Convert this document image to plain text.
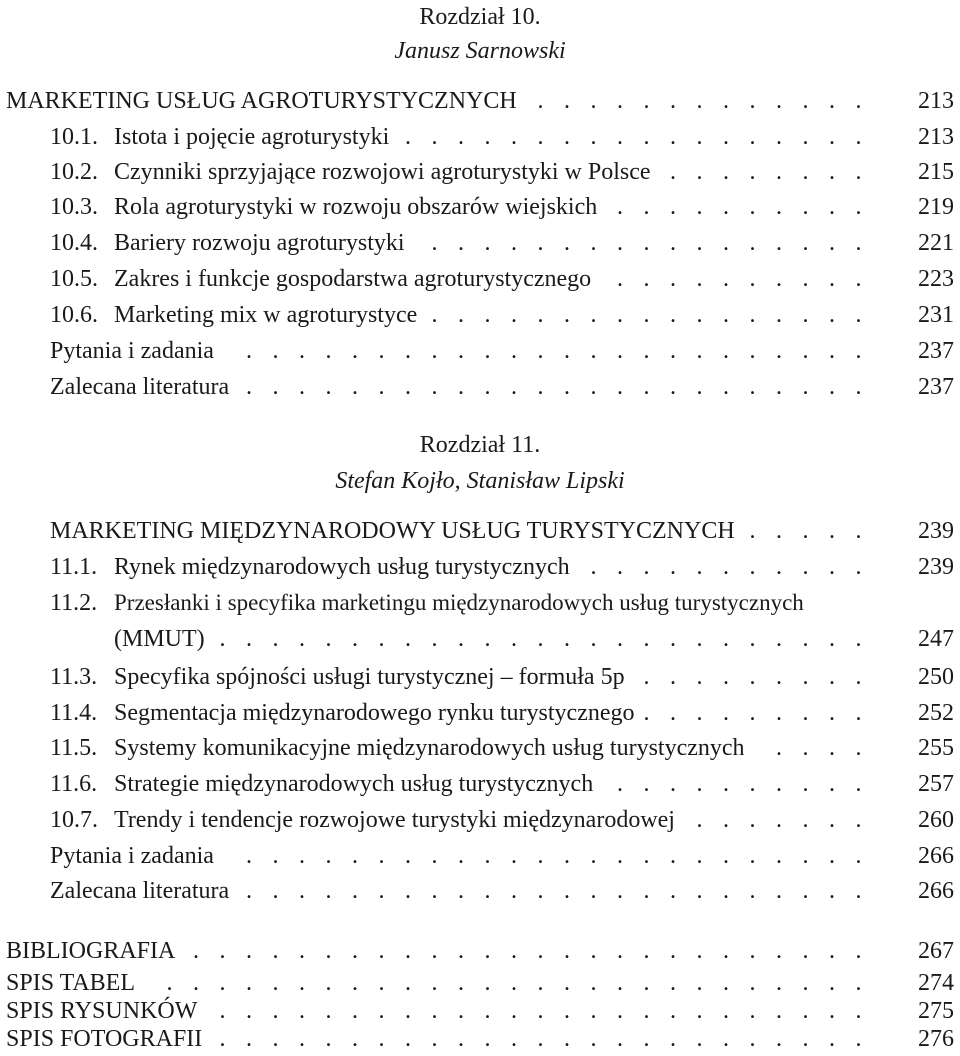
Rozdział 10.
Janusz Sarnowski
MARKETING USŁUG AGROTURYSTYCZNYCH .............	213
10.1. Istota i pojęcie agroturystyki ..................	213
10.2. Czynniki sprzyjające rozwojowi agroturystyki w Polsce ........	215
10.3. Rola agroturystyki w rozwoju obszarów wiejskich ..........	219
10.4. Bariery rozwoju agroturystyki .................	221
10.5. Zakres i funkcje gospodarstwa agroturystycznego ..........	223
10.6. Marketing mix w agroturystyce .................	231
Pytania i zadania ........................	237
Zalecana literatura ........................	237
Rozdział 11.
Stefan Kojło, Stanisław Lipski
MARKETING MIĘDZYNARODOWY USŁUG TURYSTYCZNYCH .....	239
11.1. Rynek międzynarodowych usług turystycznych ...........	239
11.2. Przesłanki i specyfika marketingu międzynarodowych usług turystycznych
(MMUT) .........................	247
11.3. Specyfika spójności usługi turystycznej – formuła 5p .........	250
11.4. Segmentacja międzynarodowego rynku turystycznego .........	252
11.5. Systemy komunikacyjne międzynarodowych usług turystycznych ....	255
11.6. Strategie międzynarodowych usług turystycznych ..........	257
10.7. Trendy i tendencje rozwojowe turystyki międzynarodowej .......	260
Pytania i zadania ........................	266
Zalecana literatura ........................	266
BIBLIOGRAFIA ..........................	267
SPIS TABEL ...........................	274
SPIS RYSUNKÓW .........................	275
SPIS FOTOGRAFII .........................	276
